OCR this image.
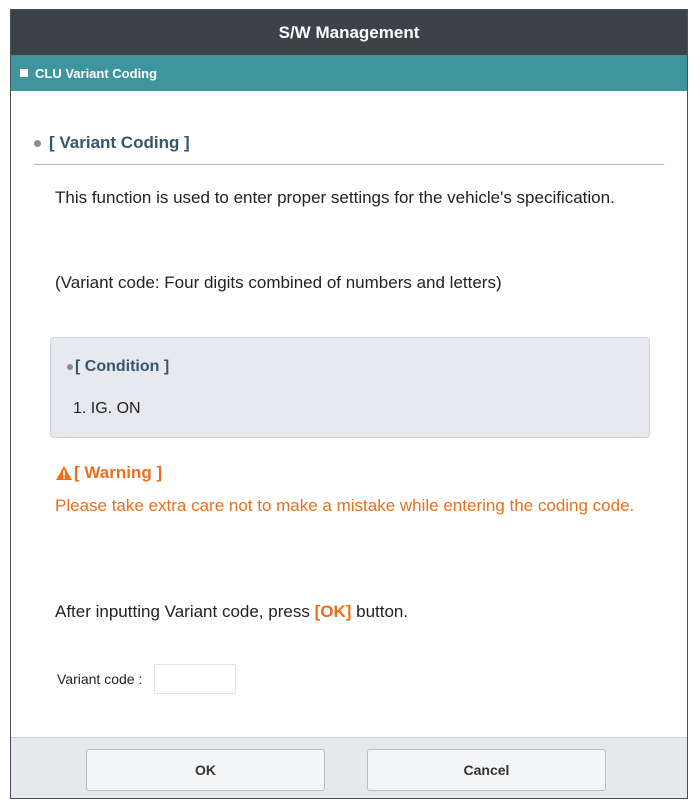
S/W Management
CLU Variant Coding
[ Variant Coding ]
This function is used to enter proper settings for the vehicle's specification.
(Variant code: Four digits combined of numbers and letters)
[ Condition ]
1. IG. ON
[ Warning ]
Please take extra care not to make a mistake while entering the coding code.
After inputting Variant code, press [OK] button.
Variant code :
OK	Cancel
